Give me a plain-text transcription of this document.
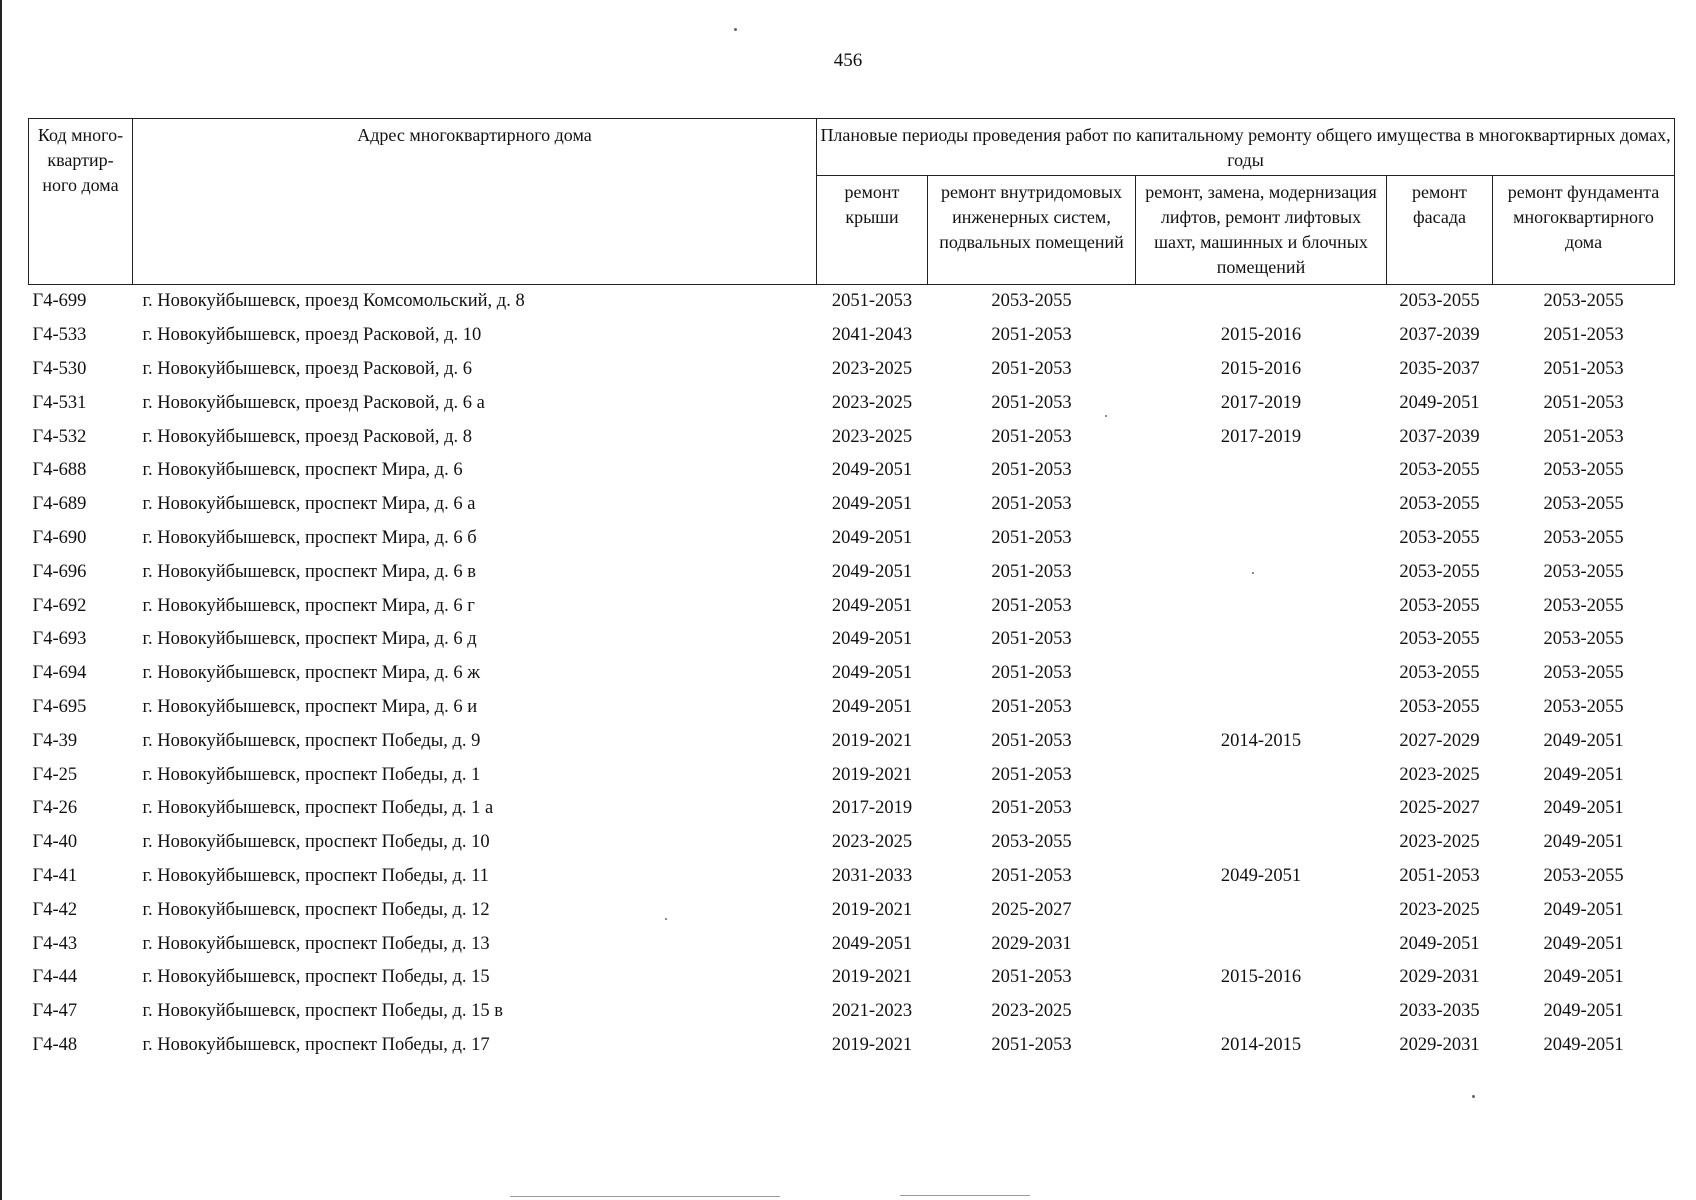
456
Код много-квартир-ного дома	Адрес многоквартирного дома	Плановые периоды проведения работ по капитальному ремонту общего имущества в многоквартирных домах, годы				
		ремонт крыши	ремонт внутридомовых инженерных систем, подвальных помещений	ремонт, замена, модернизация лифтов, ремонт лифтовых шахт, машинных и блочных помещений	ремонт фасада	ремонт фундамента многоквартирного дома
Г4-699	г. Новокуйбышевск, проезд Комсомольский, д. 8	2051-2053	2053-2055		2053-2055	2053-2055
Г4-533	г. Новокуйбышевск, проезд Расковой, д. 10	2041-2043	2051-2053	2015-2016	2037-2039	2051-2053
Г4-530	г. Новокуйбышевск, проезд Расковой, д. 6	2023-2025	2051-2053	2015-2016	2035-2037	2051-2053
Г4-531	г. Новокуйбышевск, проезд Расковой, д. 6 а	2023-2025	2051-2053	2017-2019	2049-2051	2051-2053
Г4-532	г. Новокуйбышевск, проезд Расковой, д. 8	2023-2025	2051-2053	2017-2019	2037-2039	2051-2053
Г4-688	г. Новокуйбышевск, проспект Мира, д. 6	2049-2051	2051-2053		2053-2055	2053-2055
Г4-689	г. Новокуйбышевск, проспект Мира, д. 6 а	2049-2051	2051-2053		2053-2055	2053-2055
Г4-690	г. Новокуйбышевск, проспект Мира, д. 6 б	2049-2051	2051-2053		2053-2055	2053-2055
Г4-696	г. Новокуйбышевск, проспект Мира, д. 6 в	2049-2051	2051-2053		2053-2055	2053-2055
Г4-692	г. Новокуйбышевск, проспект Мира, д. 6 г	2049-2051	2051-2053		2053-2055	2053-2055
Г4-693	г. Новокуйбышевск, проспект Мира, д. 6 д	2049-2051	2051-2053		2053-2055	2053-2055
Г4-694	г. Новокуйбышевск, проспект Мира, д. 6 ж	2049-2051	2051-2053		2053-2055	2053-2055
Г4-695	г. Новокуйбышевск, проспект Мира, д. 6 и	2049-2051	2051-2053		2053-2055	2053-2055
Г4-39	г. Новокуйбышевск, проспект Победы, д. 9	2019-2021	2051-2053	2014-2015	2027-2029	2049-2051
Г4-25	г. Новокуйбышевск, проспект Победы, д. 1	2019-2021	2051-2053		2023-2025	2049-2051
Г4-26	г. Новокуйбышевск, проспект Победы, д. 1 а	2017-2019	2051-2053		2025-2027	2049-2051
Г4-40	г. Новокуйбышевск, проспект Победы, д. 10	2023-2025	2053-2055		2023-2025	2049-2051
Г4-41	г. Новокуйбышевск, проспект Победы, д. 11	2031-2033	2051-2053	2049-2051	2051-2053	2053-2055
Г4-42	г. Новокуйбышевск, проспект Победы, д. 12	2019-2021	2025-2027		2023-2025	2049-2051
Г4-43	г. Новокуйбышевск, проспект Победы, д. 13	2049-2051	2029-2031		2049-2051	2049-2051
Г4-44	г. Новокуйбышевск, проспект Победы, д. 15	2019-2021	2051-2053	2015-2016	2029-2031	2049-2051
Г4-47	г. Новокуйбышевск, проспект Победы, д. 15 в	2021-2023	2023-2025		2033-2035	2049-2051
Г4-48	г. Новокуйбышевск, проспект Победы, д. 17	2019-2021	2051-2053	2014-2015	2029-2031	2049-2051
